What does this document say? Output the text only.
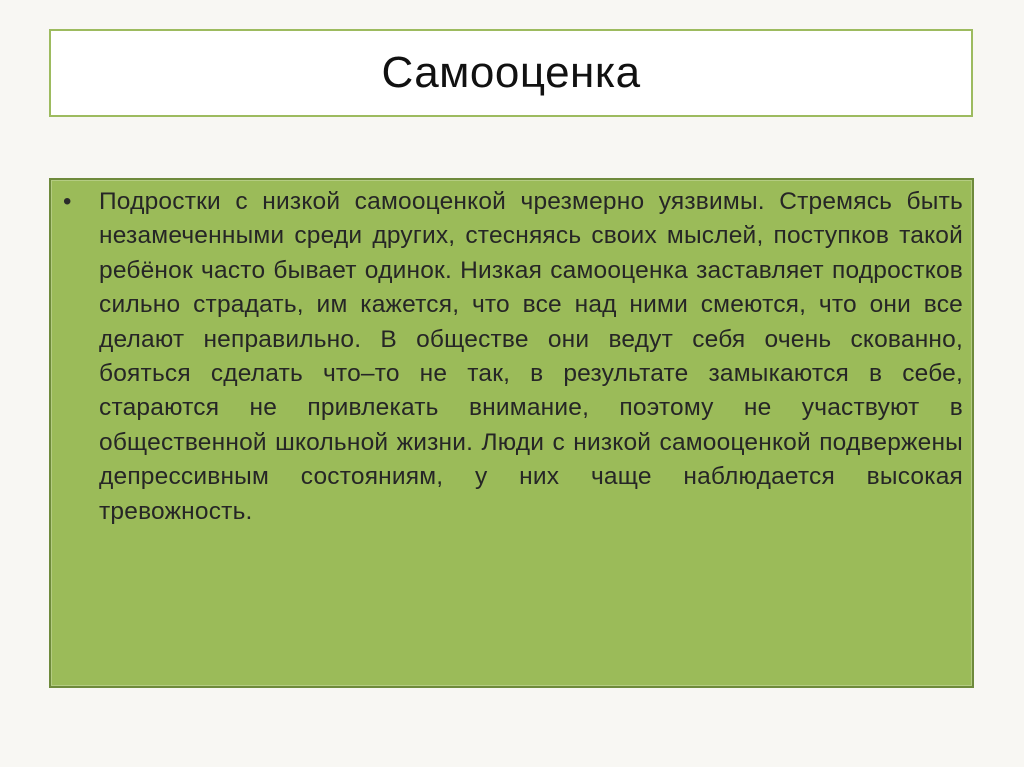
Самооценка
•	Подростки с низкой самооценкой чрезмерно уязвимы. Стремясь быть незамеченными среди других, стесняясь своих мыслей, поступков такой ребёнок часто бывает одинок. Низкая самооценка заставляет подростков сильно страдать, им кажется, что все над ними смеются, что они все делают неправильно. В обществе они ведут себя очень скованно, бояться сделать что–то не так, в результате замыкаются в себе, стараются не привлекать внимание, поэтому не участвуют в общественной школьной жизни. Люди с низкой самооценкой подвержены депрессивным состояниям, у них чаще наблюдается высокая тревожность.
